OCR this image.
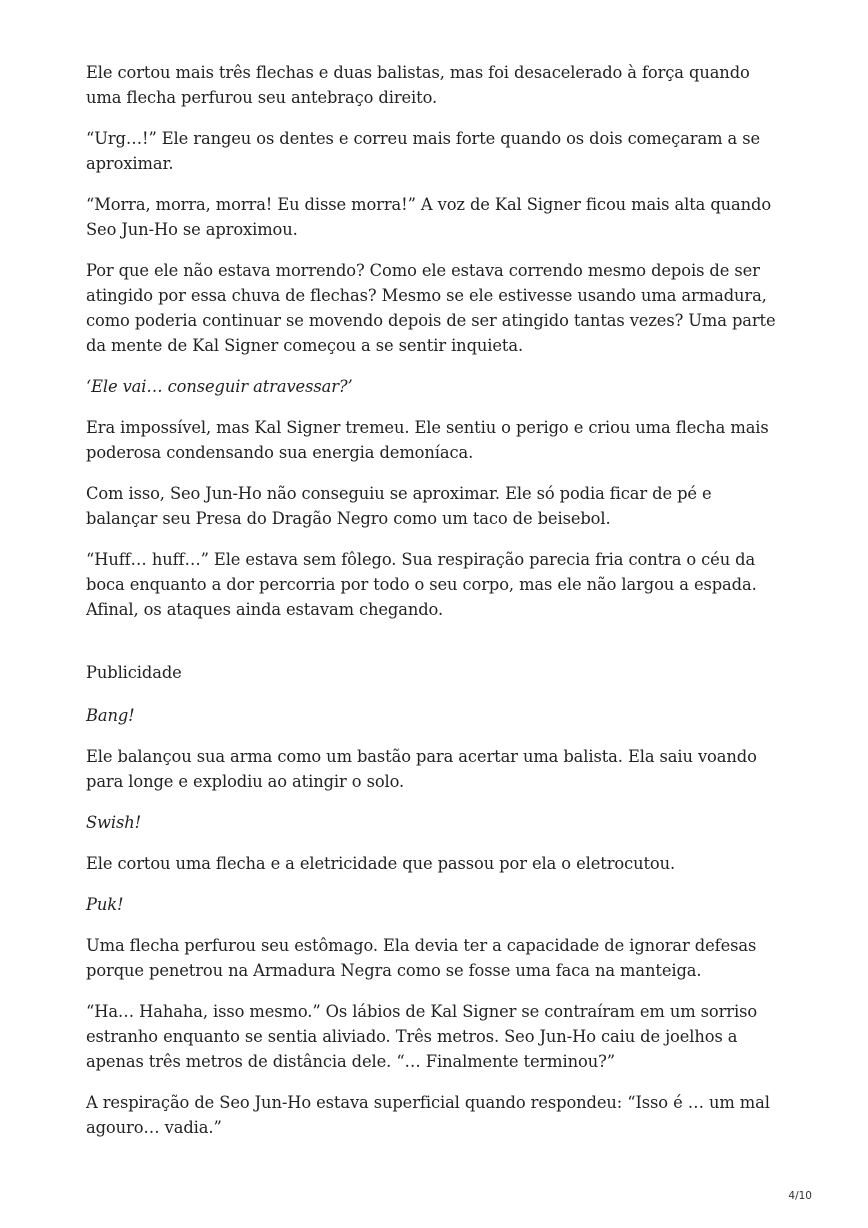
Ele cortou mais três flechas e duas balistas, mas foi desacelerado à força quando uma flecha perfurou seu antebraço direito.

“Urg…!” Ele rangeu os dentes e correu mais forte quando os dois começaram a se aproximar.

“Morra, morra, morra! Eu disse morra!” A voz de Kal Signer ficou mais alta quando Seo Jun-Ho se aproximou.

Por que ele não estava morrendo? Como ele estava correndo mesmo depois de ser atingido por essa chuva de flechas? Mesmo se ele estivesse usando uma armadura, como poderia continuar se movendo depois de ser atingido tantas vezes? Uma parte da mente de Kal Signer começou a se sentir inquieta.

‘Ele vai… conseguir atravessar?’

Era impossível, mas Kal Signer tremeu. Ele sentiu o perigo e criou uma flecha mais poderosa condensando sua energia demoníaca.

Com isso, Seo Jun-Ho não conseguiu se aproximar. Ele só podia ficar de pé e balançar seu Presa do Dragão Negro como um taco de beisebol.

“Huff… huff…” Ele estava sem fôlego. Sua respiração parecia fria contra o céu da boca enquanto a dor percorria por todo o seu corpo, mas ele não largou a espada. Afinal, os ataques ainda estavam chegando.

Publicidade

Bang!

Ele balançou sua arma como um bastão para acertar uma balista. Ela saiu voando para longe e explodiu ao atingir o solo.

Swish!

Ele cortou uma flecha e a eletricidade que passou por ela o eletrocutou.

Puk!

Uma flecha perfurou seu estômago. Ela devia ter a capacidade de ignorar defesas porque penetrou na Armadura Negra como se fosse uma faca na manteiga.

“Ha… Hahaha, isso mesmo.” Os lábios de Kal Signer se contraíram em um sorriso estranho enquanto se sentia aliviado. Três metros. Seo Jun-Ho caiu de joelhos a apenas três metros de distância dele. “… Finalmente terminou?”

A respiração de Seo Jun-Ho estava superficial quando respondeu: “Isso é … um mal agouro… vadia.”

4/10
